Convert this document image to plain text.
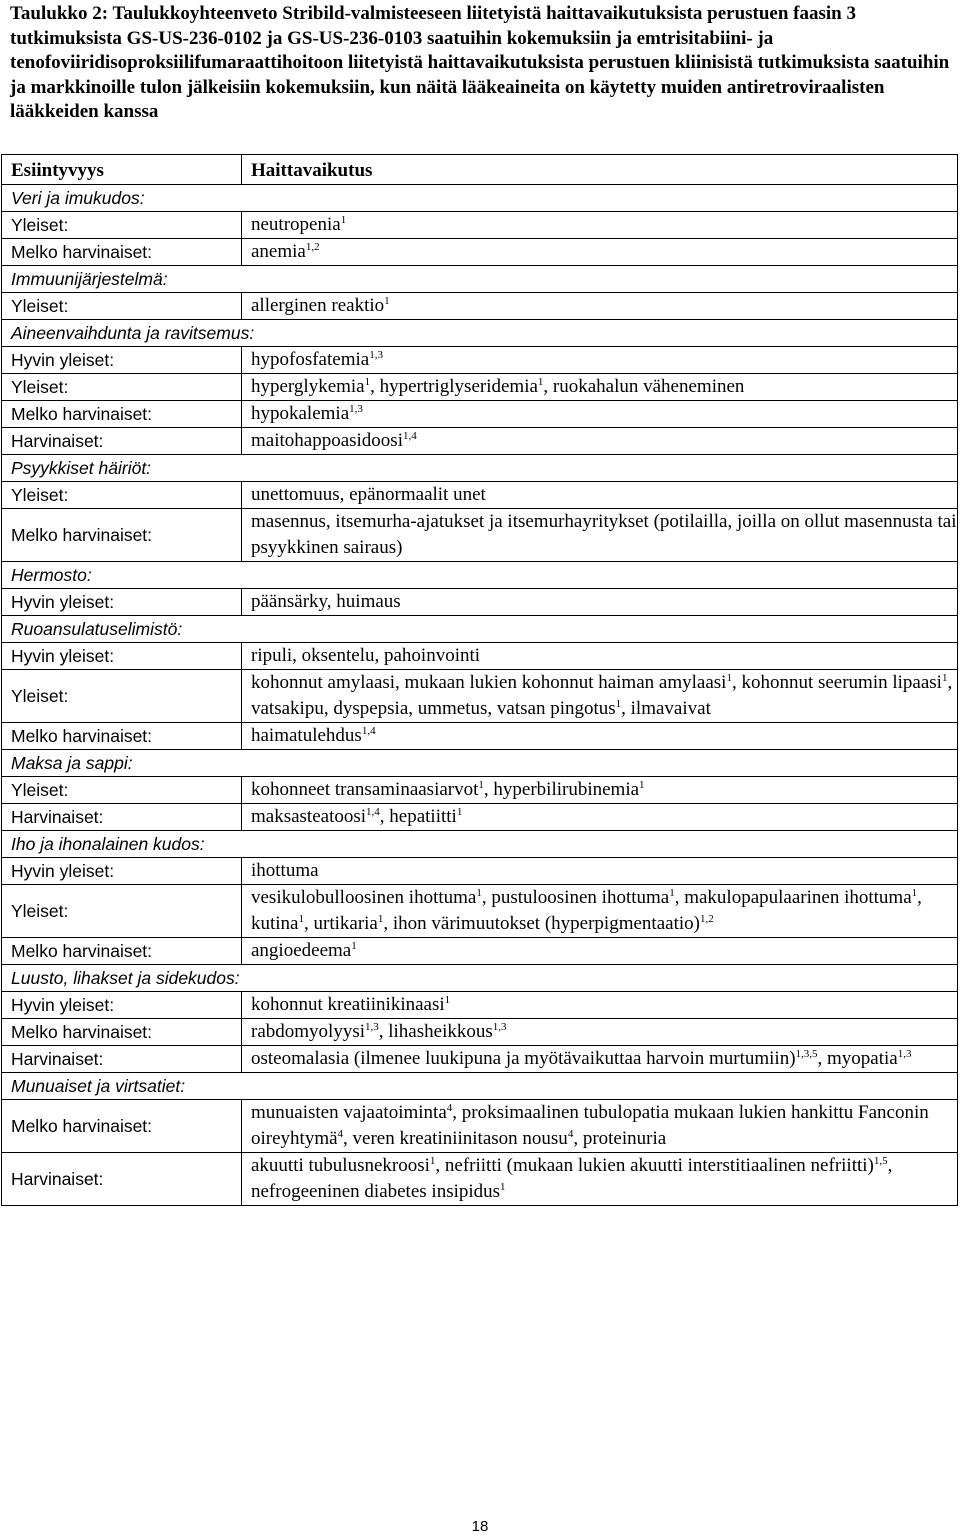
Taulukko 2: Taulukkoyhteenveto Stribild-valmisteeseen liitetyistä haittavaikutuksista perustuen faasin 3 tutkimuksista GS-US-236-0102 ja GS-US-236-0103 saatuihin kokemuksiin ja emtrisitabiini- ja tenofoviiridisoproksiilifumaraattihoitoon liitetyistä haittavaikutuksista perustuen kliinisistä tutkimuksista saatuihin ja markkinoille tulon jälkeisiin kokemuksiin, kun näitä lääkeaineita on käytetty muiden antiretroviraalisten lääkkeiden kanssa

Esiintyvyys	Haittavaikutus
Veri ja imukudos:	
Yleiset:	neutropenia$^1$
Melko harvinaiset:	anemia$^{1,2}$
Immuunijärjestelmä:	
Yleiset:	allerginen reaktio$^1$
Aineenvaihdunta ja ravitsemus:	
Hyvin yleiset:	hypofosfatemia$^{1,3}$
Yleiset:	hyperglykemia$^1$, hypertriglyseridemia$^1$, ruokahalun väheneminen
Melko harvinaiset:	hypokalemia$^{1,3}$
Harvinaiset:	maitohappoasidoosi$^{1,4}$
Psyykkiset häiriöt:	
Yleiset:	unettomuus, epänormaalit unet
Melko harvinaiset:	masennus, itsemurha-ajatukset ja itsemurhayritykset (potilailla, joilla on ollut masennusta tai psyykkinen sairaus)
Hermosto:	
Hyvin yleiset:	päänsärky, huimaus
Ruoansulatuselimistö:	
Hyvin yleiset:	ripuli, oksentelu, pahoinvointi
Yleiset:	kohonnut amylaasi, mukaan lukien kohonnut haiman amylaasi$^1$, kohonnut seerumin lipaasi$^1$, vatsakipu, dyspepsia, ummetus, vatsan pingotus$^1$, ilmavaivat
Melko harvinaiset:	haimatulehdus$^{1,4}$
Maksa ja sappi:	
Yleiset:	kohonneet transaminaasiarvot$^1$, hyperbilirubinemia$^1$
Harvinaiset:	maksasteatoosi$^{1,4}$, hepatiitti$^1$
Iho ja ihonalainen kudos:	
Hyvin yleiset:	ihottuma
Yleiset:	vesikulobulloosinen ihottuma$^1$, pustuloosinen ihottuma$^1$, makulopapulaarinen ihottuma$^1$, kutina$^1$, urtikaria$^1$, ihon värimuutokset (hyperpigmentaatio)$^{1,2}$
Melko harvinaiset:	angioedeema$^1$
Luusto, lihakset ja sidekudos:	
Hyvin yleiset:	kohonnut kreatiinikinaasi$^1$
Melko harvinaiset:	rabdomyolyysi$^{1,3}$, lihasheikkous$^{1,3}$
Harvinaiset:	osteomalasia (ilmenee luukipuna ja myötävaikuttaa harvoin murtumiin)$^{1,3,5}$, myopatia$^{1,3}$
Munuaiset ja virtsatiet:	
Melko harvinaiset:	munuaisten vajaatoiminta$^4$, proksimaalinen tubulopatia mukaan lukien hankittu Fanconin oireyhtymä$^4$, veren kreatiniinitason nousu$^4$, proteinuria
Harvinaiset:	akuutti tubulusnekroosi$^1$, nefriitti (mukaan lukien akuutti interstitiaalinen nefriitti)$^{1,5}$, nefrogeeninen diabetes insipidus$^1$
18
